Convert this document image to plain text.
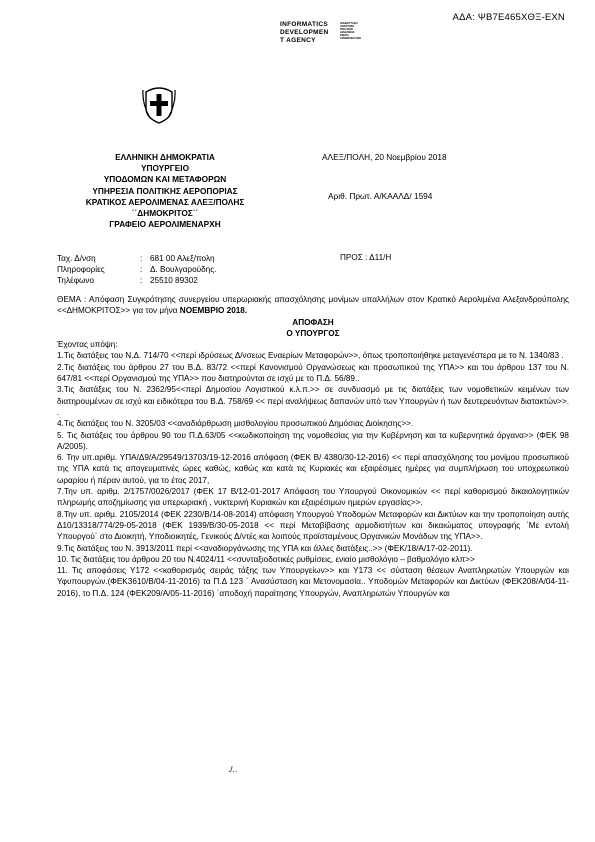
ΑΔΑ: ΨΒ7Ε465ΧΘΞ-ΕΧΝ
INFORMATICS
DEVELOPMEN
T AGENCY
ΔΙΑΔΙΚΤΥΑΚΗ
ΑΝΑΡΤΗΣΗ
ΠΡΑΞΕΩΝ
ΔΙΑΦΑΝΕΙΑ
ΕΝΙΑΙΑ
ΑΡΙΘΜΟΔΟΤΗΣΗ
ΕΛΛΗΝΙΚΗ ΔΗΜΟΚΡΑΤΙΑ
ΥΠΟΥΡΓΕΙΟ
ΥΠΟΔΟΜΩΝ ΚΑΙ ΜΕΤΑΦΟΡΩΝ
ΥΠΗΡΕΣΙΑ ΠΟΛΙΤΙΚΗΣ ΑΕΡΟΠΟΡΙΑΣ
ΚΡΑΤΙΚΟΣ ΑΕΡΟΛΙΜΕΝΑΣ ΑΛΕΞ/ΠΟΛΗΣ
΄΄ΔΗΜΟΚΡΙΤΟΣ΄΄
ΓΡΑΦΕΙΟ ΑΕΡΟΛΙΜΕΝΑΡΧΗ
ΑΛΕΞ/ΠΟΛΗ, 20 Νοεμβρίου 2018
Αριθ. Πρωτ. Α/ΚΑΑΛΔ/ 1594
Ταχ. Δ/νση	: 681 00 Αλεξ/πολη
Πληροφορίες	: Δ. Βουλγαρούδης.
Τηλέφωνο	: 25510 89302
ΠΡΟΣ : Δ11/Η

ΘΕΜΑ : Απόφαση Συγκρότησης συνεργείου υπερωριακής απασχόλησης μονίμων υπαλλήλων στον Κρατικό Αερολιμένα Αλεξανδρούπολης <<ΔΗΜΟΚΡΙΤΟΣ>> για τον μήνα ΝΟΕΜΒΡΙΟ 2018.

ΑΠΟΦΑΣΗ

Ο ΥΠΟΥΡΓΟΣ

Έχοντας υπόψη:

1.Τις διατάξεις του Ν.Δ. 714/70 <<περί ιδρύσεως Δ/νσεως Εναερίων Μεταφορών>>, όπως τροποποιήθηκε μεταγενέστερα με το Ν. 1340/83 .

2.Τις διατάξεις του άρθρου 27 του Β.Δ. 83/72 <<περί Κανονισμού Οργανώσεως και προσωπικού της ΥΠΑ>> και του άρθρου 137 του Ν. 647/81 <<περί Οργανισμού της ΥΠΑ>> που διατηρούνται σε ισχύ με το Π.Δ. 56/89..

3.Τις διατάξεις του Ν. 2362/95<<περί Δημοσίου Λογιστικού κ.λ.π.>> σε συνδυασμό με τις διατάξεις των νομοθετικών κειμένων των διατηρουμένων σε ισχύ και ειδικότερα του Β.Δ. 758/69 << περί αναλήψεως δαπανών υπό των Υπουργών ή των δευτερευόντων διατακτών>>. .

4.Τις διατάξεις του Ν. 3205/03 <<αναδιάρθρωση μισθολογίου προσωπικού Δημόσιας Διοίκησης>>.

5. Τις διατάξεις του άρθρου 90 του Π.Δ.63/05 <<κωδικοποίηση της νομοθεσίας για την Κυβέρνηση και τα κυβερνητικά όργανα>> (ΦΕΚ 98 Α/2005).

6. Την υπ.αριθμ. ΥΠΑ/Δ9/Α/29549/13703/19-12-2016 απόφαση (ΦΕΚ Β/ 4380/30-12-2016) << περί απασχόλησης του μονίμου προσωπικού της ΥΠΑ κατά τις απογευματινές ώρες καθώς, καθώς και κατά τις Κυριακές και εξαιρέσιμες ημέρες για συμπλήρωση του υποχρεωτικού ωραρίου ή πέραν αυτού, για το έτος 2017,

7.Την υπ. αριθμ. 2/1757/0026/2017 (ΦΕΚ 17 Β/12-01-2017 Απόφαση του Υπουργού Οικονομικών << περί καθορισμού δικαιολογητικών πληρωμής αποζημίωσης για υπερωριακή , νυκτερινή Κυριακών και εξαιρέσιμων ημερών εργασίας>>.

8.Την υπ. αριθμ. 2105/2014 (ΦΕΚ 2230/Β/14-08-2014) απόφαση Υπουργού Υποδομών Μεταφορών και Δικτύων και την τροποποίηση αυτής Δ10/13318/774/29-05-2018 (ΦΕΚ 1939/Β/30-05-2018 << περί Μεταβίβασης αρμοδιοτήτων και δικαιώματος υπογραφής ΄Με εντολή Υπουργού΄ στο Διοικητή, Υποδιοικητές, Γενικούς Δ/ντές και λοιπούς προϊσταμένους Οργανικών Μονάδων της ΥΠΑ>>.

9.Τις διατάξεις του Ν. 3913/2011 περί <<αναδιοργάνωσης της ΥΠΑ και άλλες διατάξεις..>> (ΦΕΚ/18/Α/17-02-2011).

10. Τις διατάξεις του άρθρου 20 του Ν.4024/11 <<συνταξιοδοτικές ρυθμίσεις, ενιαίο μισθολόγιο – βαθμολόγιο κλπ>>

11. Τις αποφάσεις Υ172 <<καθορισμός σειράς τάξης των Υπουργείων>> και Υ173 << σύσταση θέσεων Αναπληρωτών Υπουργών και Υφυπουργών.(ΦΕΚ3610/Β/04-11-2016) τα Π.Δ 123 ΄ Ανασύσταση και Μετονομασία.. Υποδομών Μεταφορών και Δικτύων (ΦΕΚ208/Α/04-11-2016), το Π.Δ. 124 (ΦΕΚ209/Α/05-11-2016) ΄αποδοχή παραίτησης Υπουργών, Αναπληρωτών Υπουργών και

./..
